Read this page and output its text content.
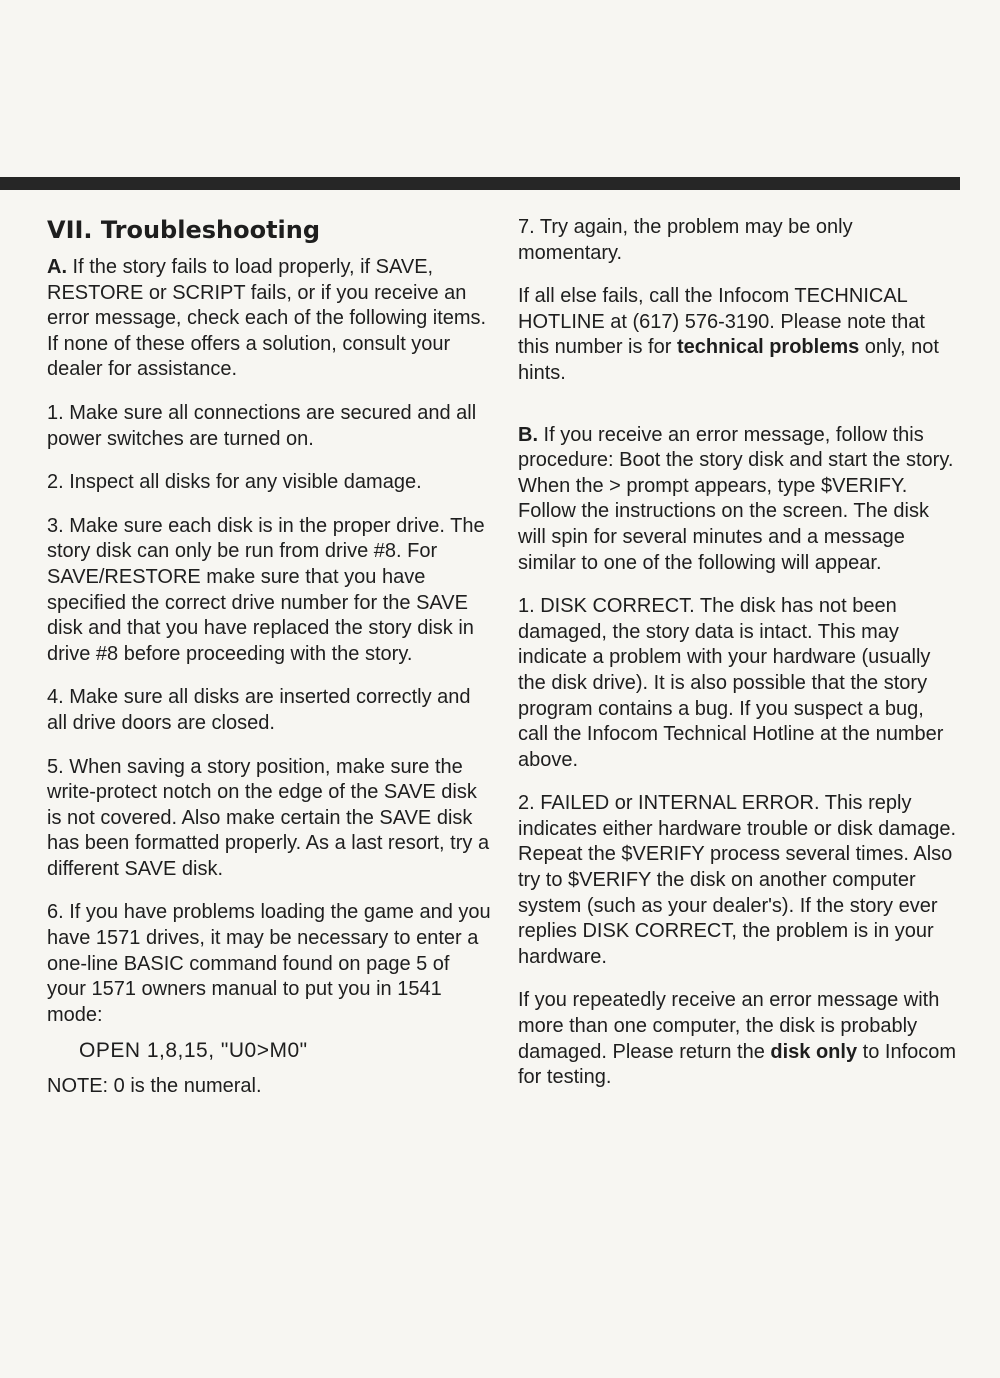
VII. Troubleshooting

A. If the story fails to load properly, if SAVE, RESTORE or SCRIPT fails, or if you receive an error message, check each of the following items. If none of these offers a solution, consult your dealer for assistance.

1. Make sure all connections are secured and all power switches are turned on.

2. Inspect all disks for any visible damage.

3. Make sure each disk is in the proper drive. The story disk can only be run from drive #8. For SAVE/RESTORE make sure that you have specified the correct drive number for the SAVE disk and that you have replaced the story disk in drive #8 before proceeding with the story.

4. Make sure all disks are inserted correctly and all drive doors are closed.

5. When saving a story position, make sure the write-protect notch on the edge of the SAVE disk is not covered. Also make certain the SAVE disk has been formatted properly. As a last resort, try a different SAVE disk.

6. If you have problems loading the game and you have 1571 drives, it may be necessary to enter a one-line BASIC command found on page 5 of your 1571 owners manual to put you in 1541 mode:

OPEN 1,8,15, "U0>M0"

NOTE: 0 is the numeral.

7. Try again, the problem may be only momentary.

If all else fails, call the Infocom TECHNICAL HOTLINE at (617) 576-3190. Please note that this number is for technical problems only, not hints.

B. If you receive an error message, follow this procedure: Boot the story disk and start the story. When the > prompt appears, type $VERIFY. Follow the instructions on the screen. The disk will spin for several minutes and a message similar to one of the following will appear.

1. DISK CORRECT. The disk has not been damaged, the story data is intact. This may indicate a problem with your hardware (usually the disk drive). It is also possible that the story program contains a bug. If you suspect a bug, call the Infocom Technical Hotline at the number above.

2. FAILED or INTERNAL ERROR. This reply indicates either hardware trouble or disk damage. Repeat the $VERIFY process several times. Also try to $VERIFY the disk on another computer system (such as your dealer's). If the story ever replies DISK CORRECT, the problem is in your hardware.

If you repeatedly receive an error message with more than one computer, the disk is probably damaged. Please return the disk only to Infocom for testing.
